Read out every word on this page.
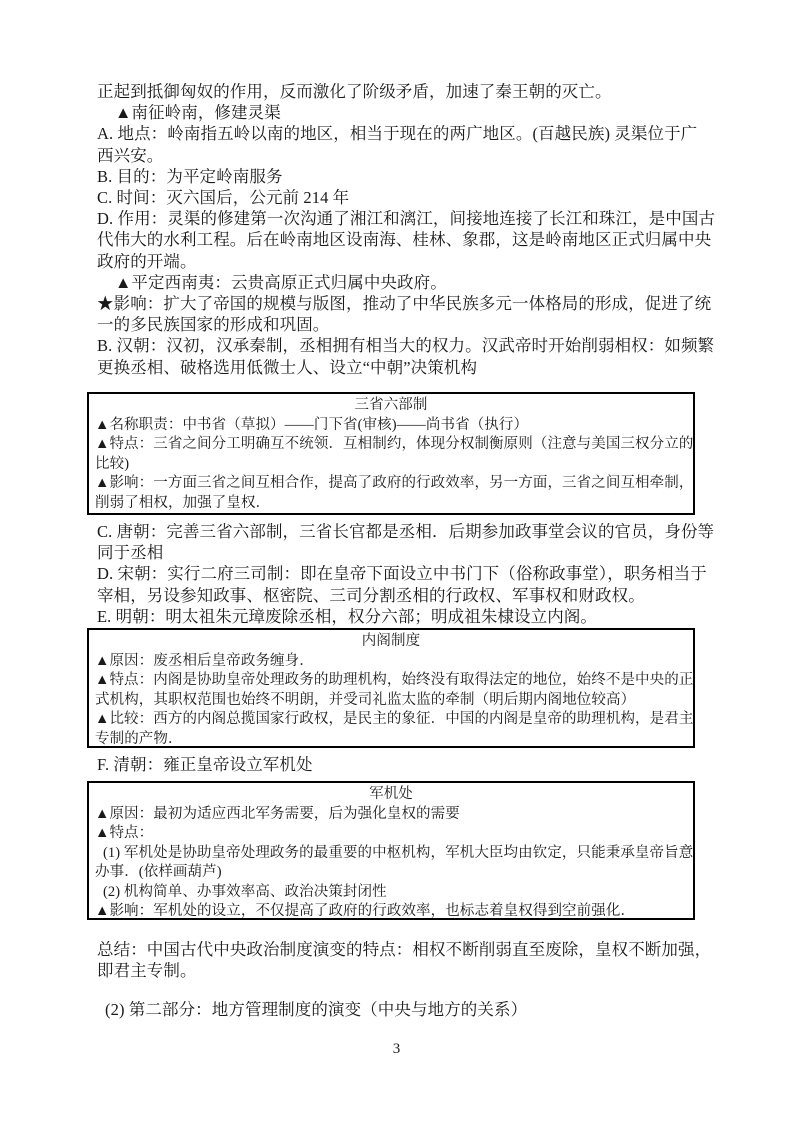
正起到抵御匈奴的作用，反而激化了阶级矛盾，加速了秦王朝的灭亡。
▲南征岭南，修建灵渠
A. 地点：岭南指五岭以南的地区，相当于现在的两广地区。(百越民族) 灵渠位于广
西兴安。
B. 目的：为平定岭南服务
C. 时间：灭六国后，公元前 214 年
D. 作用：灵渠的修建第一次沟通了湘江和漓江，间接地连接了长江和珠江，是中国古
代伟大的水利工程。后在岭南地区设南海、桂林、象郡，这是岭南地区正式归属中央
政府的开端。
▲平定西南夷：云贵高原正式归属中央政府。
★影响：扩大了帝国的规模与版图，推动了中华民族多元一体格局的形成，促进了统
一的多民族国家的形成和巩固。
B. 汉朝：汉初，汉承秦制，丞相拥有相当大的权力。汉武帝时开始削弱相权：如频繁
更换丞相、破格选用低微士人、设立“中朝”决策机构
三省六部制
▲名称职责：中书省（草拟）——门下省(审核)——尚书省（执行）
▲特点：三省之间分工明确互不统领．互相制约，体现分权制衡原则（注意与美国三权分立的
比较)
▲影响：一方面三省之间互相合作，提高了政府的行政效率，另一方面，三省之间互相牵制，
削弱了相权，加强了皇权．
C. 唐朝：完善三省六部制，三省长官都是丞相．后期参加政事堂会议的官员，身份等
同于丞相
D. 宋朝：实行二府三司制：即在皇帝下面设立中书门下（俗称政事堂），职务相当于
宰相，另设参知政事、枢密院、三司分割丞相的行政权、军事权和财政权。
E. 明朝：明太祖朱元璋废除丞相，权分六部；明成祖朱棣设立内阁。
内阁制度
▲原因：废丞相后皇帝政务缠身．
▲特点：内阁是协助皇帝处理政务的助理机构，始终没有取得法定的地位，始终不是中央的正
式机构，其职权范围也始终不明朗，并受司礼监太监的牵制（明后期内阁地位较高）
▲比较：西方的内阁总揽国家行政权，是民主的象征．中国的内阁是皇帝的助理机构，是君主
专制的产物．
F. 清朝：雍正皇帝设立军机处
军机处
▲原因：最初为适应西北军务需要，后为强化皇权的需要
▲特点：
(1) 军机处是协助皇帝处理政务的最重要的中枢机构，军机大臣均由钦定，只能秉承皇帝旨意
办事．(依样画葫芦)
(2) 机构简单、办事效率高、政治决策封闭性
▲影响：军机处的设立，不仅提高了政府的行政效率，也标志着皇权得到空前强化．
总结：中国古代中央政治制度演变的特点：相权不断削弱直至废除，皇权不断加强，
即君主专制。
(2) 第二部分：地方管理制度的演变（中央与地方的关系）
3
